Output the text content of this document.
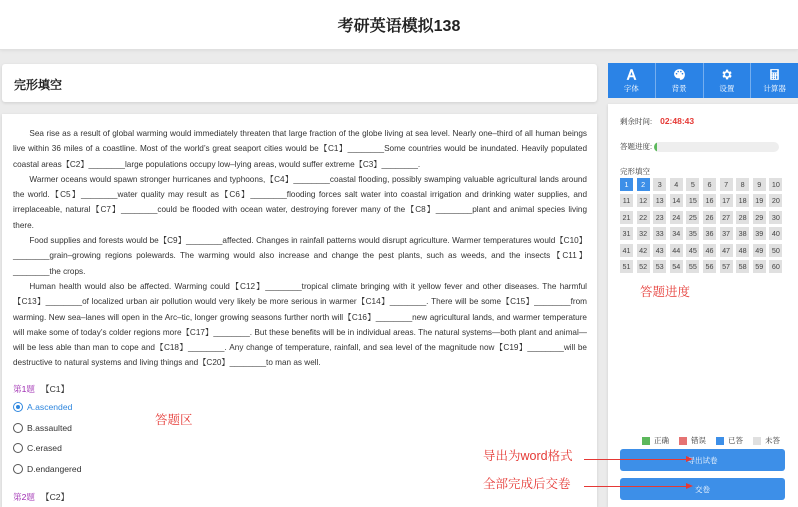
考研英语模拟138
完形填空

Sea rise as a result of global warming would immediately threaten that large fraction of the globe living at sea level. Nearly one–third of all human beings live within 36 miles of a coastline. Most of the world’s great seaport cities would be【C1】________Some countries would be inundated. Heavily populated coastal areas【C2】________large populations occupy low–lying areas, would suffer extreme【C3】________.

Warmer oceans would spawn stronger hurricanes and typhoons,【C4】________coastal flooding, possibly swamping valuable agricultural lands around the world.【C5】________water quality may result as【C6】________flooding forces salt water into coastal irrigation and drinking water supplies, and irreplaceable, natural【C7】________could be flooded with ocean water, destroying forever many of the【C8】________plant and animal species living there.

Food supplies and forests would be【C9】________affected. Changes in rainfall patterns would disrupt agriculture. Warmer temperatures would【C10】________grain–growing regions polewards. The warming would also increase and change the pest plants, such as weeds, and the insects【C11】________the crops.

Human health would also be affected. Warming could【C12】________tropical climate bringing with it yellow fever and other diseases. The harmful【C13】________of localized urban air pollution would very likely be more serious in warmer【C14】________. There will be some【C15】________from warming. New sea–lanes will open in the Arc–tic, longer growing seasons further north will【C16】________new agricultural lands, and warmer temperature will make some of today’s colder regions more【C17】________. But these benefits will be in individual areas. The natural systems—both plant and animal—will be less able than man to cope and【C18】________. Any change of temperature, rainfall, and sea level of the magnitude now【C19】________will be destructive to natural systems and living things and【C20】________to man as well.

第1题 【C1】
A.ascended
B.assaulted
C.erased
D.endangered
第2题 【C2】
答题区
字体	背景	设置	计算器
剩余时间: 02:48:43
答题进度:
完形填空
1	2	3	4	5	6	7	8	9	10
11	12	13	14	15	16	17	18	19	20
21	22	23	24	25	26	27	28	29	30
31	32	33	34	35	36	37	38	39	40
41	42	43	44	45	46	47	48	49	50
51	52	53	54	55	56	57	58	59	60
答题进度
正确	错误	已答	未答
导出试卷
交卷
导出为word格式
全部完成后交卷
